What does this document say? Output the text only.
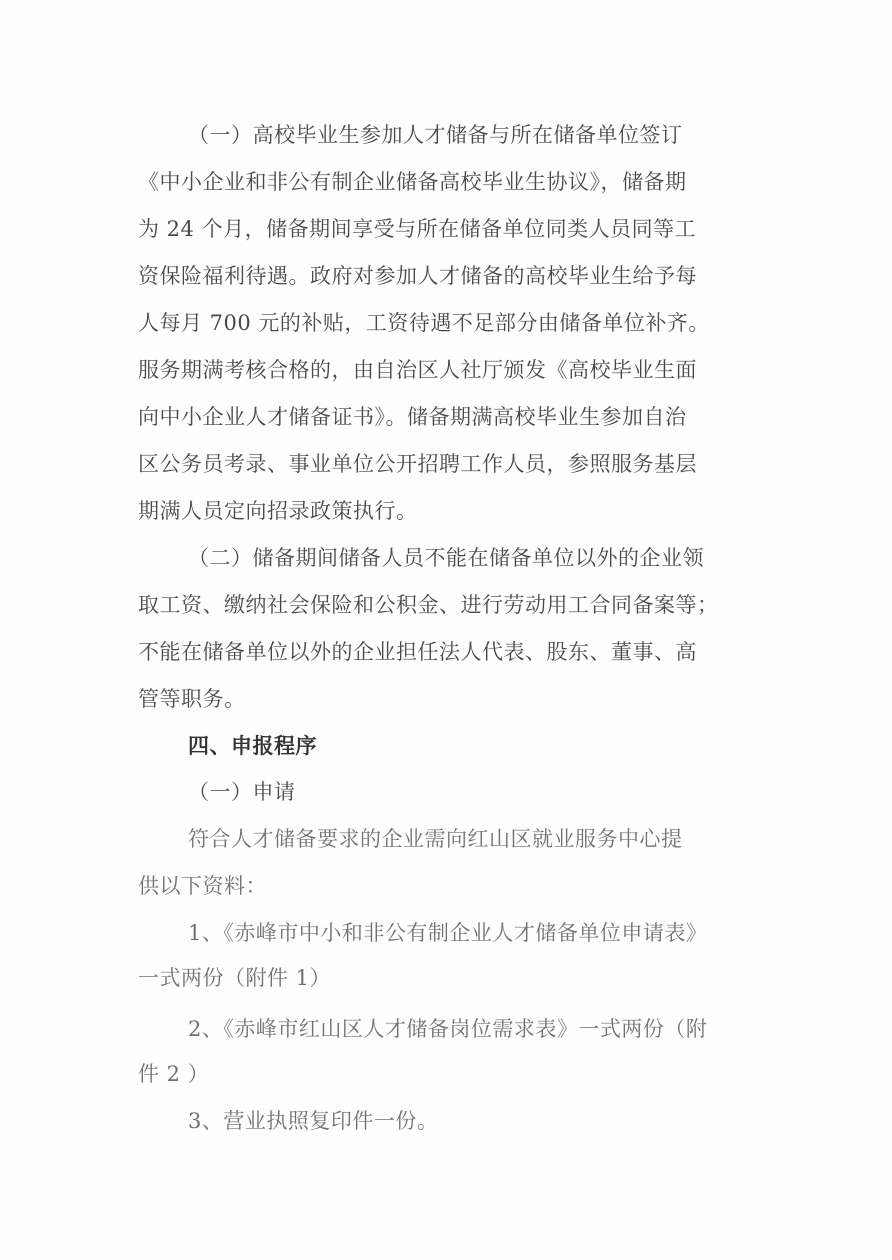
（一）高校毕业生参加人才储备与所在储备单位签订
《中小企业和非公有制企业储备高校毕业生协议》，储备期
为 24 个月，储备期间享受与所在储备单位同类人员同等工
资保险福利待遇。政府对参加人才储备的高校毕业生给予每
人每月 700 元的补贴，工资待遇不足部分由储备单位补齐。
服务期满考核合格的，由自治区人社厅颁发《高校毕业生面
向中小企业人才储备证书》。储备期满高校毕业生参加自治
区公务员考录、事业单位公开招聘工作人员，参照服务基层
期满人员定向招录政策执行。
（二）储备期间储备人员不能在储备单位以外的企业领
取工资、缴纳社会保险和公积金、进行劳动用工合同备案等；
不能在储备单位以外的企业担任法人代表、股东、董事、高
管等职务。
四、申报程序
（一）申请
符合人才储备要求的企业需向红山区就业服务中心提
供以下资料：
1、《赤峰市中小和非公有制企业人才储备单位申请表》
一式两份（附件 1）
2、《赤峰市红山区人才储备岗位需求表》一式两份（附
件 2 ）
3、营业执照复印件一份。
